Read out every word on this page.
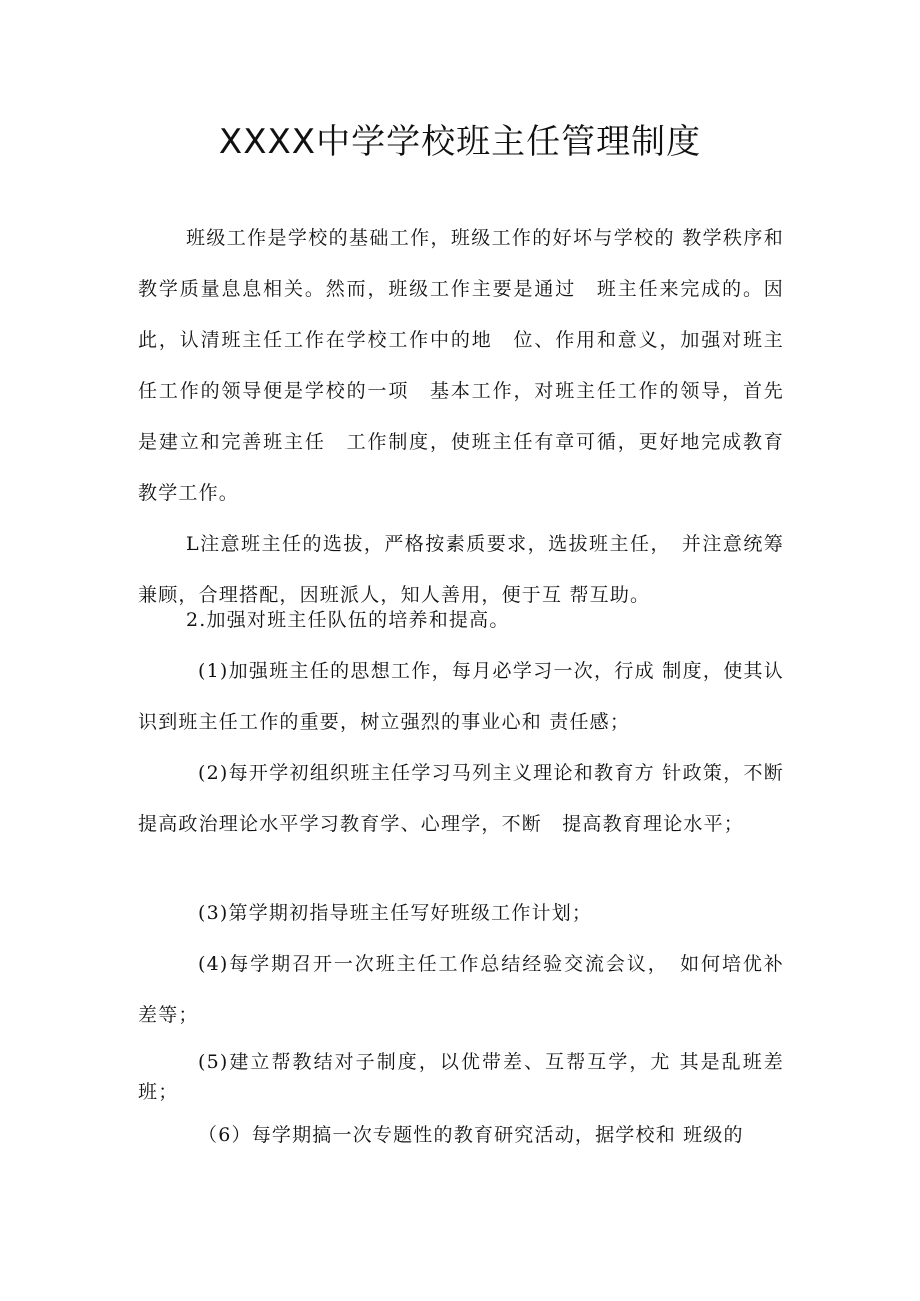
XXXX中学学校班主任管理制度

班级工作是学校的基础工作，班级工作的好坏与学校的 教学秩序和教学质量息息相关。然而，班级工作主要是通过　班主任来完成的。因此，认清班主任工作在学校工作中的地　位、作用和意义，加强对班主任工作的领导便是学校的一项　基本工作，对班主任工作的领导，首先是建立和完善班主任　工作制度，使班主任有章可循，更好地完成教育教学工作。

L注意班主任的选拔，严格按素质要求，选拔班主任，　并注意统筹兼顾，合理搭配，因班派人，知人善用，便于互 帮互助。

2.加强对班主任队伍的培养和提高。

(1)加强班主任的思想工作，每月必学习一次，行成 制度，使其认识到班主任工作的重要，树立强烈的事业心和 责任感；

(2)每开学初组织班主任学习马列主义理论和教育方 针政策，不断提高政治理论水平学习教育学、心理学，不断　提高教育理论水平；

(3)第学期初指导班主任写好班级工作计划；

(4)每学期召开一次班主任工作总结经验交流会议，　如何培优补差等；

(5)建立帮教结对子制度，以优带差、互帮互学，尤 其是乱班差班；

（6）每学期搞一次专题性的教育研究活动，据学校和 班级的
